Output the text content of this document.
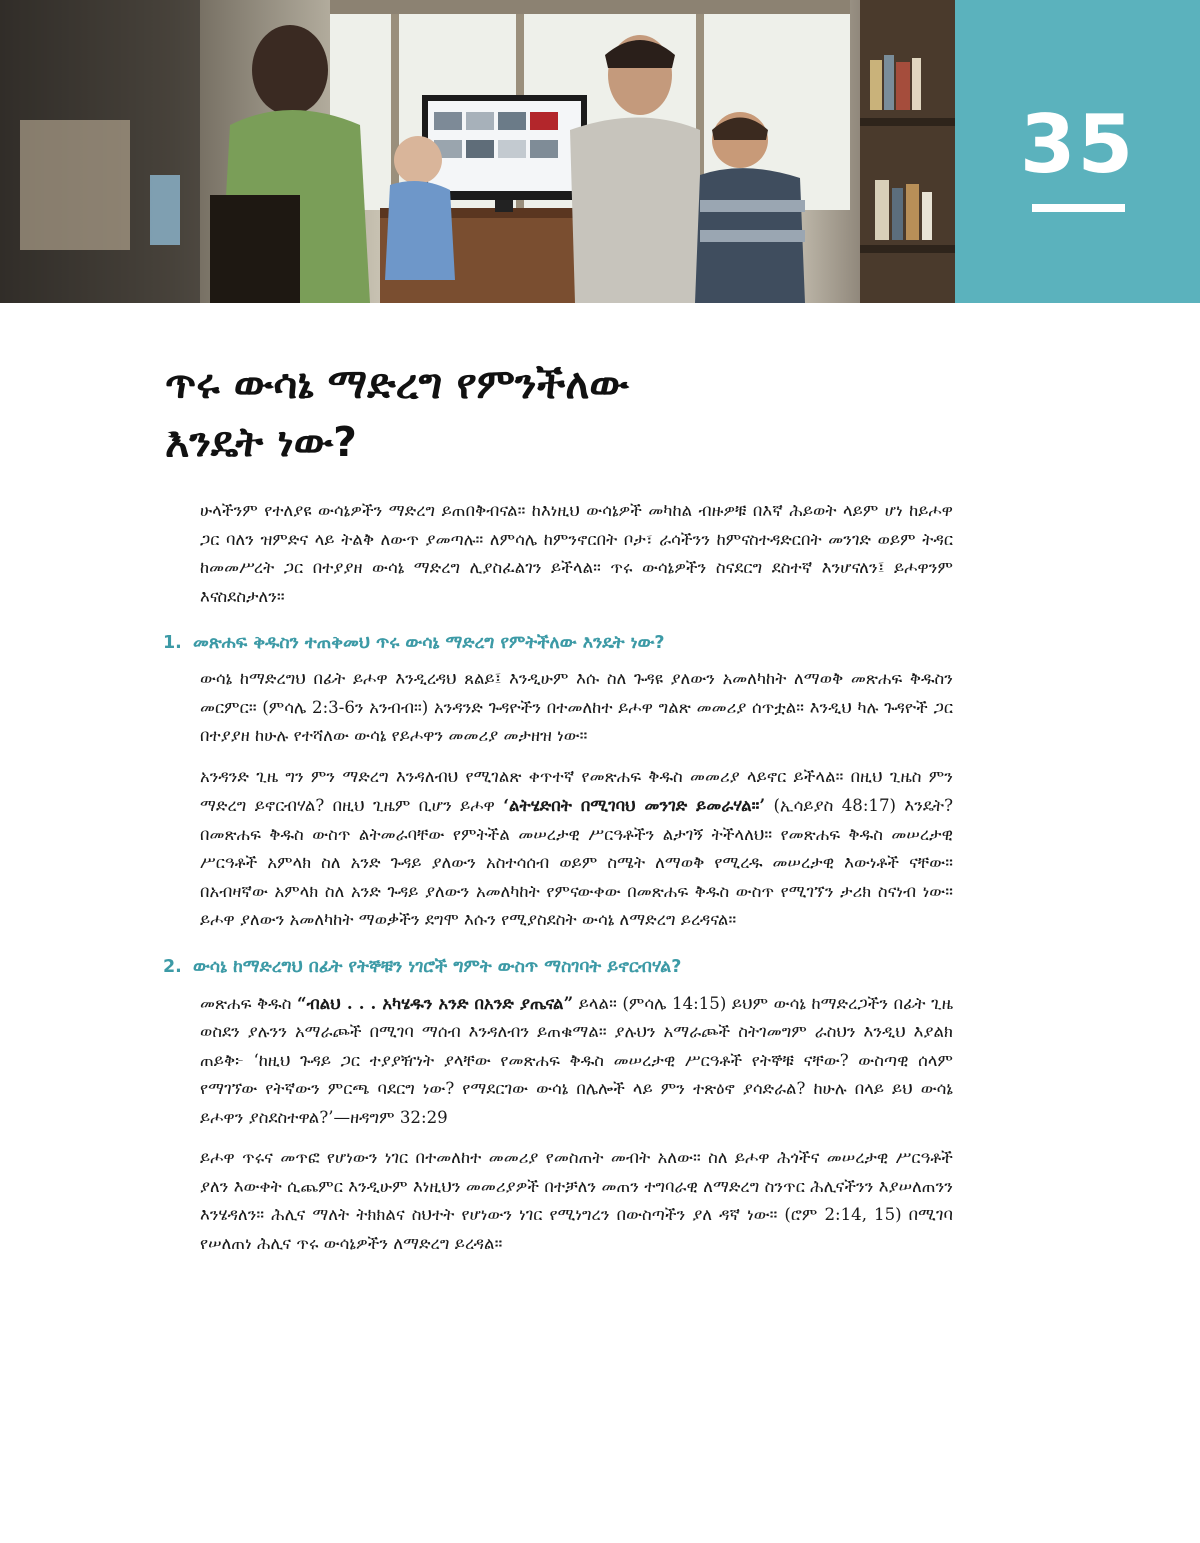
35
ጥሩ ውሳኔ ማድረግ የምንችለው
እንዴት ነው?

ሁላችንም የተለያዩ ውሳኔዎችን ማድረግ ይጠበቅብናል። ከእነዚህ ውሳኔዎች መካከል ብዙዎቹ በእኛ ሕይወት ላይም ሆነ ከይሖዋ ጋር ባለን ዝምድና ላይ ትልቅ ለውጥ ያመጣሉ። ለምሳሌ ከምንኖርበት ቦታ፣ ራሳችንን ከምናስተዳድርበት መንገድ ወይም ትዳር ከመመሥረት ጋር በተያያዘ ውሳኔ ማድረግ ሊያስፈልገን ይችላል። ጥሩ ውሳኔዎችን ስናደርግ ደስተኛ እንሆናለን፤ ይሖዋንም እናስደስታለን።

1. መጽሐፍ ቅዱስን ተጠቅመህ ጥሩ ውሳኔ ማድረግ የምትችለው እንዴት ነው?

ውሳኔ ከማድረግህ በፊት ይሖዋ እንዲረዳህ ጸልይ፤ እንዲሁም እሱ ስለ ጉዳዩ ያለውን አመለካከት ለማወቅ መጽሐፍ ቅዱስን መርምር። (ምሳሌ 2:3-6ን አንብብ።) አንዳንድ ጉዳዮችን በተመለከተ ይሖዋ ግልጽ መመሪያ ሰጥቷል። እንዲህ ካሉ ጉዳዮች ጋር በተያያዘ ከሁሉ የተሻለው ውሳኔ የይሖዋን መመሪያ መታዘዝ ነው።

አንዳንድ ጊዜ ግን ምን ማድረግ እንዳለብህ የሚገልጽ ቀጥተኛ የመጽሐፍ ቅዱስ መመሪያ ላይኖር ይችላል። በዚህ ጊዜስ ምን ማድረግ ይኖርብሃል? በዚህ ጊዜም ቢሆን ይሖዋ ‘ልትሄድበት በሚገባህ መንገድ ይመራሃል።’ (ኢሳይያስ 48:17) እንዴት? በመጽሐፍ ቅዱስ ውስጥ ልትመራባቸው የምትችል መሠረታዊ ሥርዓቶችን ልታገኝ ትችላለህ። የመጽሐፍ ቅዱስ መሠረታዊ ሥርዓቶች አምላክ ስለ አንድ ጉዳይ ያለውን አስተሳሰብ ወይም ስሜት ለማወቅ የሚረዱ መሠረታዊ እውነቶች ናቸው። በአብዛኛው አምላክ ስለ አንድ ጉዳይ ያለውን አመለካከት የምናውቀው በመጽሐፍ ቅዱስ ውስጥ የሚገኘን ታሪክ ስናነብ ነው። ይሖዋ ያለውን አመለካከት ማወቃችን ደግሞ እሱን የሚያስደስት ውሳኔ ለማድረግ ይረዳናል።

2. ውሳኔ ከማድረግህ በፊት የትኞቹን ነገሮች ግምት ውስጥ ማስገባት ይኖርብሃል?

መጽሐፍ ቅዱስ “ብልህ . . . አካሄዱን አንድ በአንድ ያጤናል” ይላል። (ምሳሌ 14:15) ይህም ውሳኔ ከማድረጋችን በፊት ጊዜ ወስደን ያሉንን አማራጮች በሚገባ ማሰብ እንዳለብን ይጠቁማል። ያሉህን አማራጮች ስትገመግም ራስህን እንዲህ እያልክ ጠይቅ፦ ‘ከዚህ ጉዳይ ጋር ተያያዥነት ያላቸው የመጽሐፍ ቅዱስ መሠረታዊ ሥርዓቶች የትኞቹ ናቸው? ውስጣዊ ሰላም የማገኘው የትኛውን ምርጫ ባደርግ ነው? የማደርገው ውሳኔ በሌሎች ላይ ምን ተጽዕኖ ያሳድራል? ከሁሉ በላይ ይህ ውሳኔ ይሖዋን ያስደስተዋል?’—ዘዳግም 32:29

ይሖዋ ጥሩና መጥፎ የሆነውን ነገር በተመለከተ መመሪያ የመስጠት መብት አለው። ስለ ይሖዋ ሕጎችና መሠረታዊ ሥርዓቶች ያለን እውቀት ሲጨምር እንዲሁም እነዚህን መመሪያዎች በተቻለን መጠን ተግባራዊ ለማድረግ ስንጥር ሕሊናችንን እያሠለጠንን እንሄዳለን። ሕሊና ማለት ትክክልና ስህተት የሆነውን ነገር የሚነግረን በውስጣችን ያለ ዳኛ ነው። (ሮም 2:14, 15) በሚገባ የሠለጠነ ሕሊና ጥሩ ውሳኔዎችን ለማድረግ ይረዳል።
